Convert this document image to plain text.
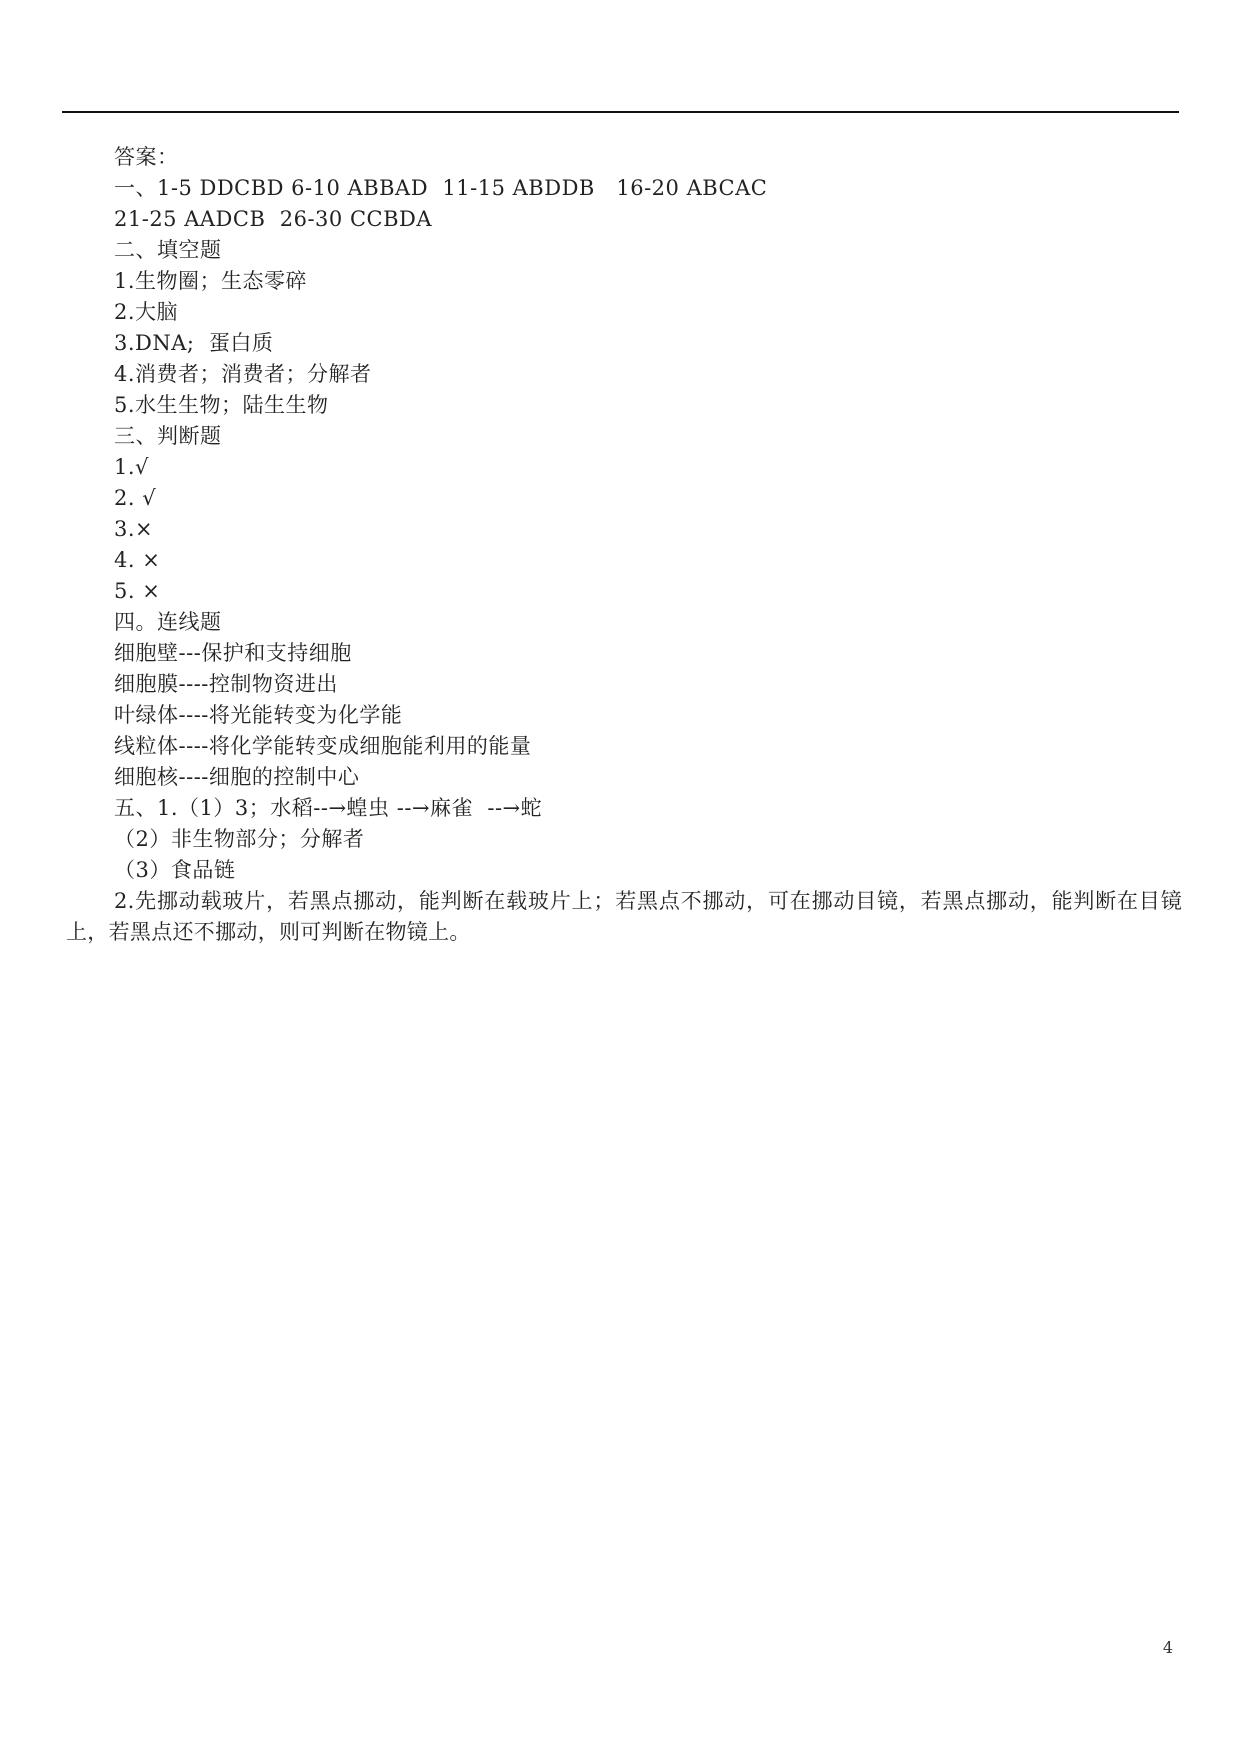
答案：
一、1-5 DDCBD 6-10 ABBAD  11-15 ABDDB   16-20 ABCAC
21-25 AADCB  26-30 CCBDA
二、填空题
1.生物圈；生态零碎
2.大脑
3.DNA;  蛋白质
4.消费者；消费者；分解者
5.水生生物；陆生生物
三、判断题
1.√
2. √
3.×
4. ×
5. ×
四。连线题
细胞壁---保护和支持细胞
细胞膜----控制物资进出
叶绿体----将光能转变为化学能
线粒体----将化学能转变成细胞能利用的能量
细胞核----细胞的控制中心
五、1.（1）3；水稻--→蝗虫 --→麻雀  --→蛇
（2）非生物部分；分解者
（3）食品链
2.先挪动载玻片，若黑点挪动，能判断在载玻片上；若黑点不挪动，可在挪动目镜，若黑点挪动，能判断在目镜上，若黑点还不挪动，则可判断在物镜上。
4
